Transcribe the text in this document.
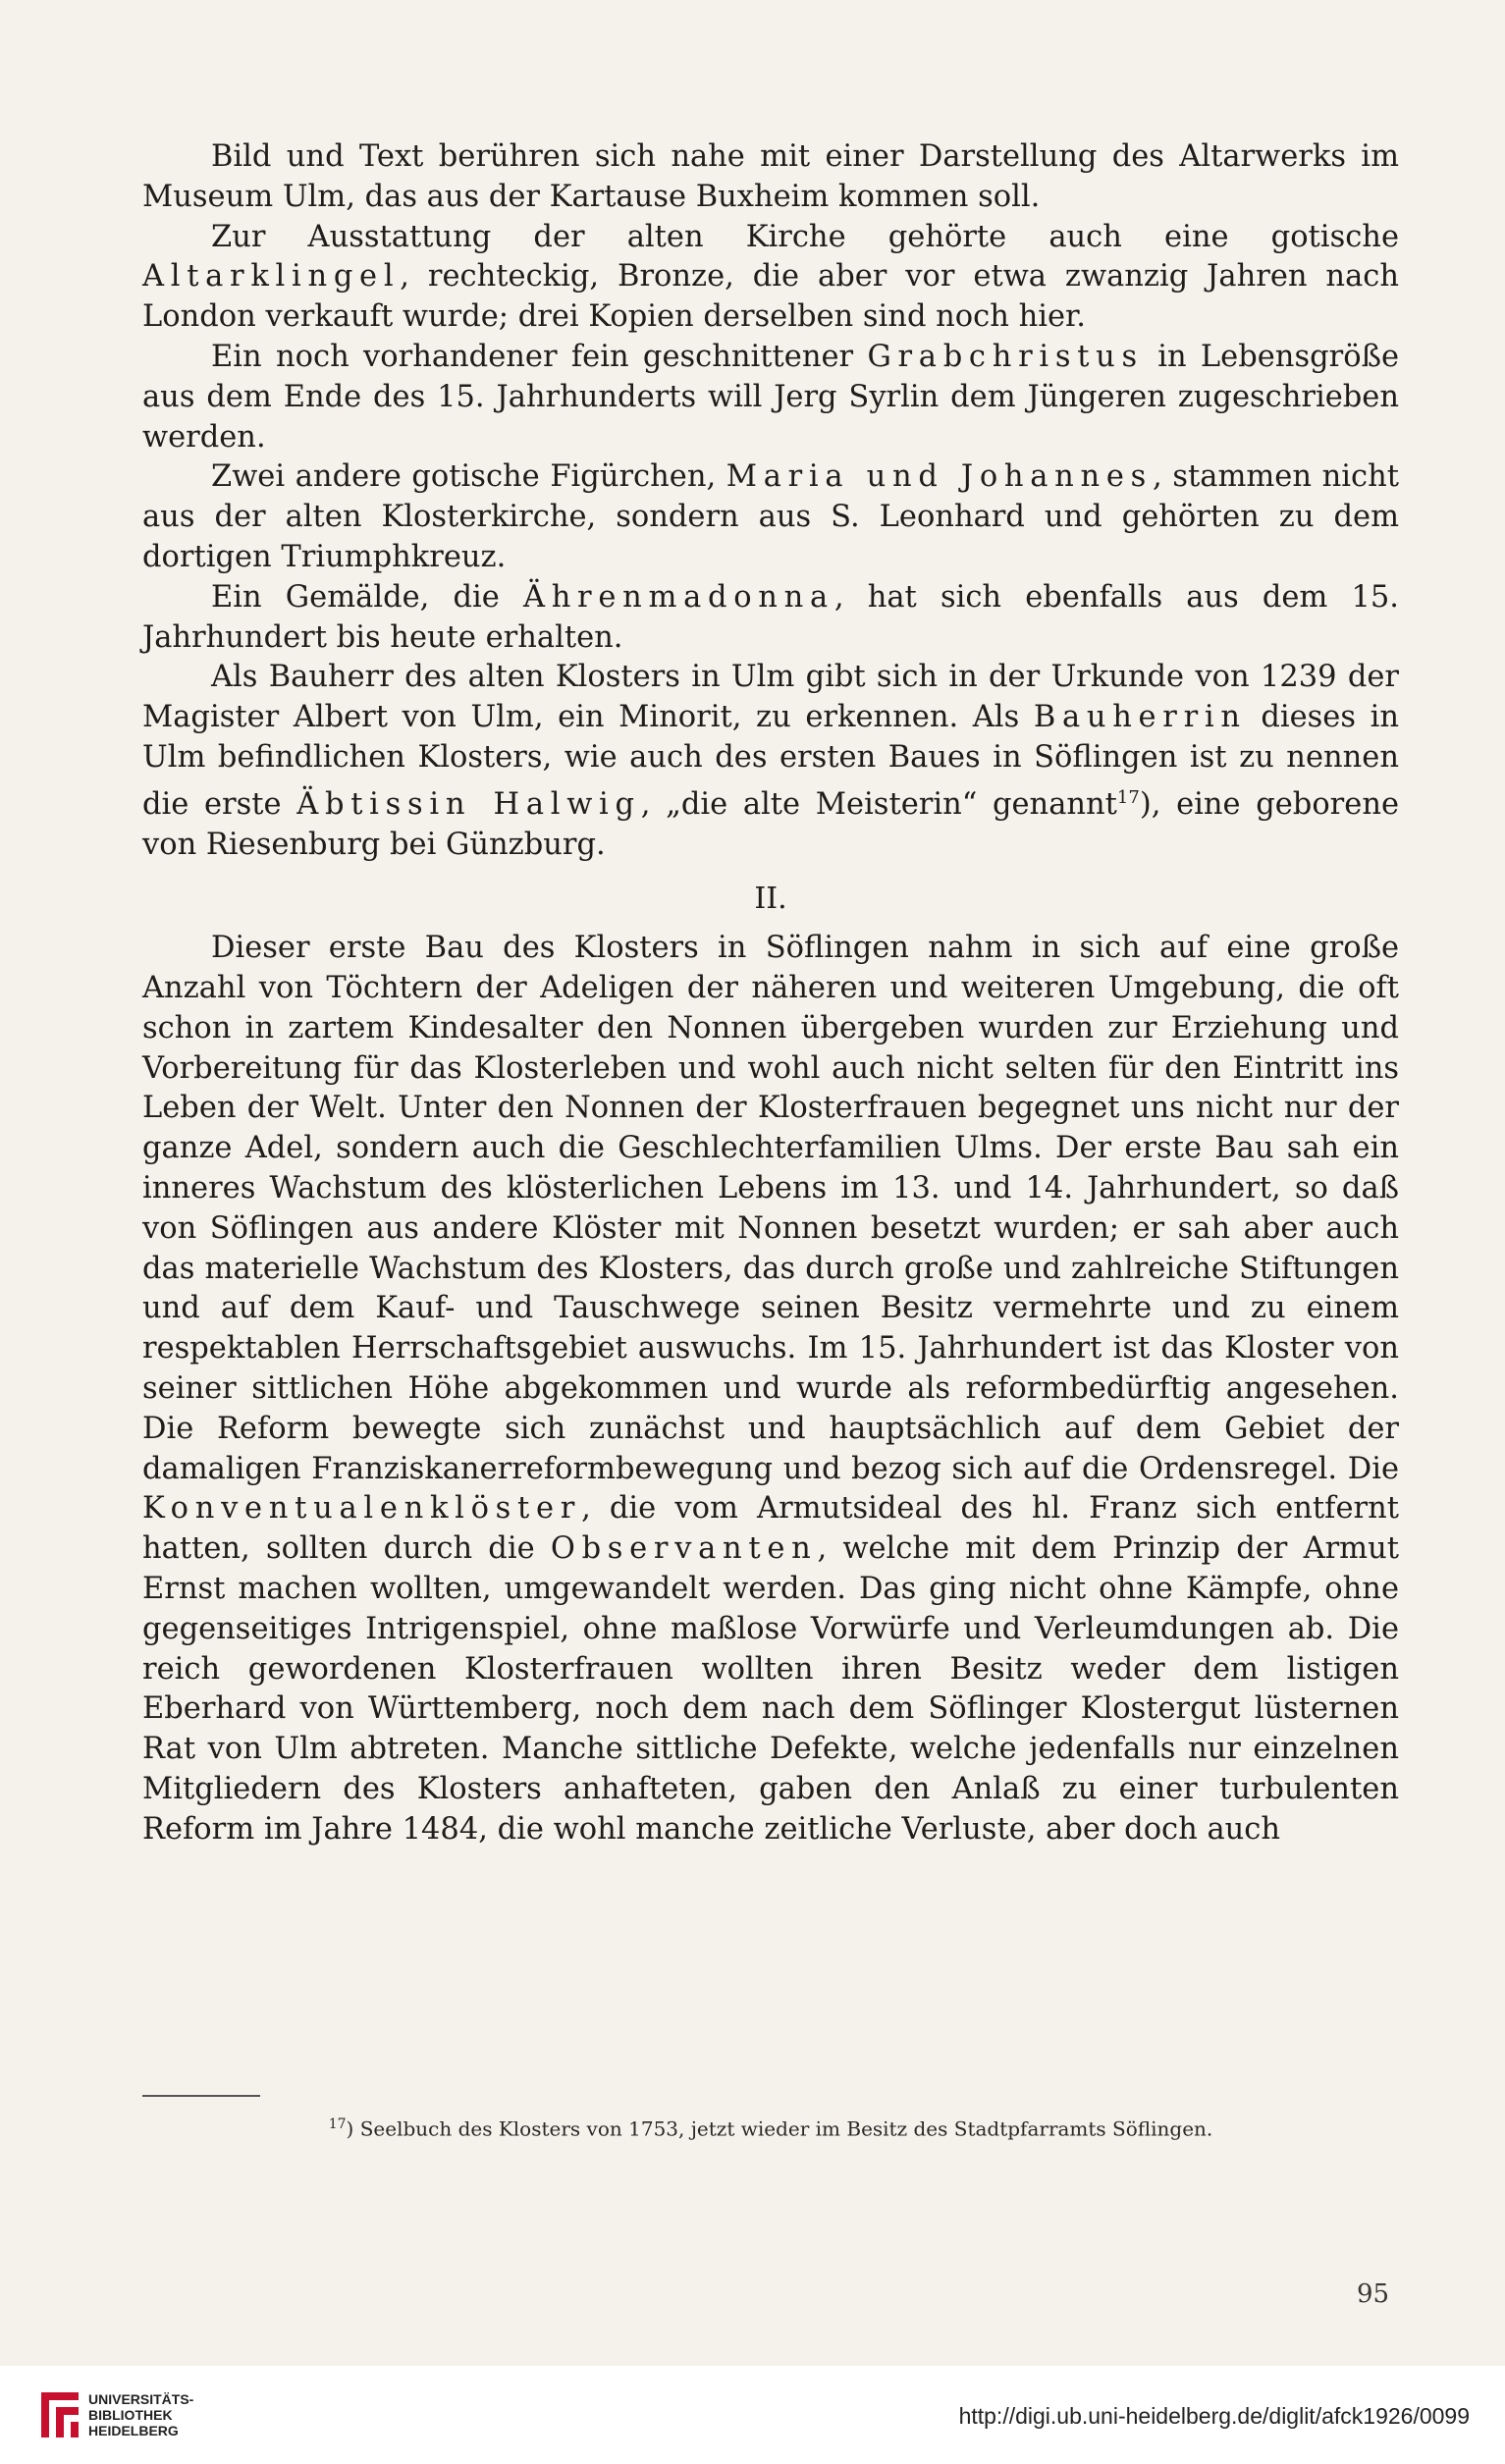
Bild und Text berühren sich nahe mit einer Darstellung des Altarwerks im Museum Ulm, das aus der Kartause Buxheim kommen soll.

Zur Ausstattung der alten Kirche gehörte auch eine gotische Altarklingel, rechteckig, Bronze, die aber vor etwa zwanzig Jahren nach London verkauft wurde; drei Kopien derselben sind noch hier.

Ein noch vorhandener fein geschnittener Grabchristus in Lebensgröße aus dem Ende des 15. Jahrhunderts will Jerg Syrlin dem Jüngeren zugeschrieben werden.

Zwei andere gotische Figürchen, Maria und Johannes, stammen nicht aus der alten Klosterkirche, sondern aus S. Leonhard und gehörten zu dem dortigen Triumphkreuz.

Ein Gemälde, die Ährenmadonna, hat sich ebenfalls aus dem 15. Jahrhundert bis heute erhalten.

Als Bauherr des alten Klosters in Ulm gibt sich in der Urkunde von 1239 der Magister Albert von Ulm, ein Minorit, zu erkennen. Als Bauherrin dieses in Ulm befindlichen Klosters, wie auch des ersten Baues in Söflingen ist zu nennen die erste Äbtissin Halwig, „die alte Meisterin“ genannt$^{17}$), eine geborene von Riesenburg bei Günzburg.

II.

Dieser erste Bau des Klosters in Söflingen nahm in sich auf eine große Anzahl von Töchtern der Adeligen der näheren und weiteren Umgebung, die oft schon in zartem Kindesalter den Nonnen übergeben wurden zur Erziehung und Vorbereitung für das Klosterleben und wohl auch nicht selten für den Eintritt ins Leben der Welt. Unter den Nonnen der Klosterfrauen begegnet uns nicht nur der ganze Adel, sondern auch die Geschlechterfamilien Ulms. Der erste Bau sah ein inneres Wachstum des klösterlichen Lebens im 13. und 14. Jahrhundert, so daß von Söflingen aus andere Klöster mit Nonnen besetzt wurden; er sah aber auch das materielle Wachstum des Klosters, das durch große und zahlreiche Stiftungen und auf dem Kauf- und Tauschwege seinen Besitz vermehrte und zu einem respektablen Herrschaftsgebiet auswuchs. Im 15. Jahrhundert ist das Kloster von seiner sittlichen Höhe abgekommen und wurde als reformbedürftig angesehen. Die Reform bewegte sich zunächst und hauptsächlich auf dem Gebiet der damaligen Franziskanerreformbewegung und bezog sich auf die Ordensregel. Die Konventualenklöster, die vom Armutsideal des hl. Franz sich entfernt hatten, sollten durch die Observanten, welche mit dem Prinzip der Armut Ernst machen wollten, umgewandelt werden. Das ging nicht ohne Kämpfe, ohne gegenseitiges Intrigenspiel, ohne maßlose Vorwürfe und Verleumdungen ab. Die reich gewordenen Klosterfrauen wollten ihren Besitz weder dem listigen Eberhard von Württemberg, noch dem nach dem Söflinger Klostergut lüsternen Rat von Ulm abtreten. Manche sittliche Defekte, welche jedenfalls nur einzelnen Mitgliedern des Klosters anhafteten, gaben den Anlaß zu einer turbulenten Reform im Jahre 1484, die wohl manche zeitliche Verluste, aber doch auch

$^{17}$) Seelbuch des Klosters von 1753, jetzt wieder im Besitz des Stadtpfarramts Söflingen.
95
UNIVERSITÄTS-
BIBLIOTHEK
HEIDELBERG
http://digi.ub.uni-heidelberg.de/diglit/afck1926/0099
